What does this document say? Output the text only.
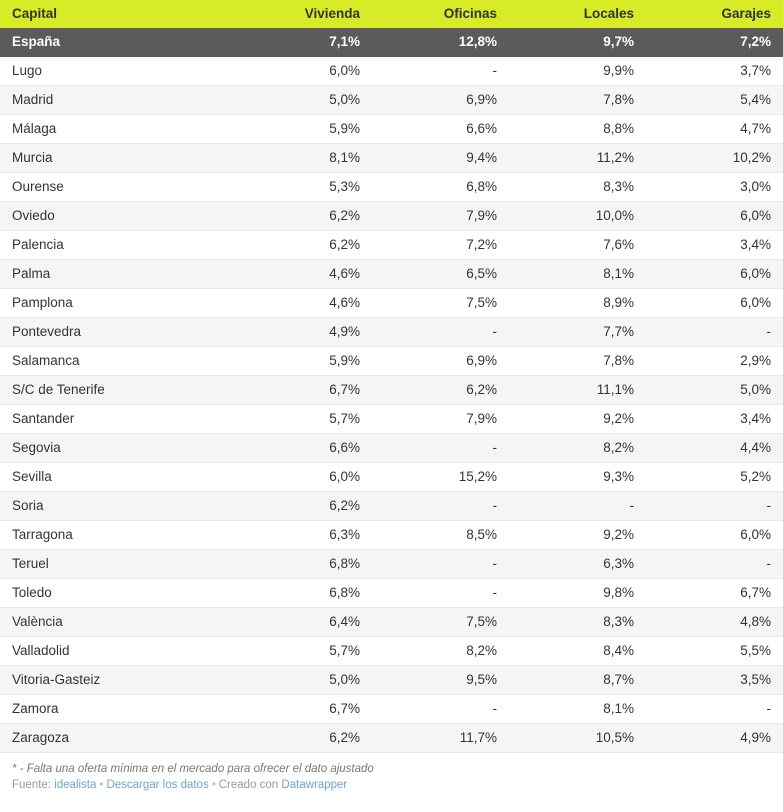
Capital	Vivienda	Oficinas	Locales	Garajes
España	7,1%	12,8%	9,7%	7,2%
Lugo	6,0%	-	9,9%	3,7%
Madrid	5,0%	6,9%	7,8%	5,4%
Málaga	5,9%	6,6%	8,8%	4,7%
Murcia	8,1%	9,4%	11,2%	10,2%
Ourense	5,3%	6,8%	8,3%	3,0%
Oviedo	6,2%	7,9%	10,0%	6,0%
Palencia	6,2%	7,2%	7,6%	3,4%
Palma	4,6%	6,5%	8,1%	6,0%
Pamplona	4,6%	7,5%	8,9%	6,0%
Pontevedra	4,9%	-	7,7%	-
Salamanca	5,9%	6,9%	7,8%	2,9%
S/C de Tenerife	6,7%	6,2%	11,1%	5,0%
Santander	5,7%	7,9%	9,2%	3,4%
Segovia	6,6%	-	8,2%	4,4%
Sevilla	6,0%	15,2%	9,3%	5,2%
Soria	6,2%	-	-	-
Tarragona	6,3%	8,5%	9,2%	6,0%
Teruel	6,8%	-	6,3%	-
Toledo	6,8%	-	9,8%	6,7%
València	6,4%	7,5%	8,3%	4,8%
Valladolid	5,7%	8,2%	8,4%	5,5%
Vitoria-Gasteiz	5,0%	9,5%	8,7%	3,5%
Zamora	6,7%	-	8,1%	-
Zaragoza	6,2%	11,7%	10,5%	4,9%
* - Falta una oferta mínima en el mercado para ofrecer el dato ajustado
Fuente: idealista • Descargar los datos • Creado con Datawrapper
